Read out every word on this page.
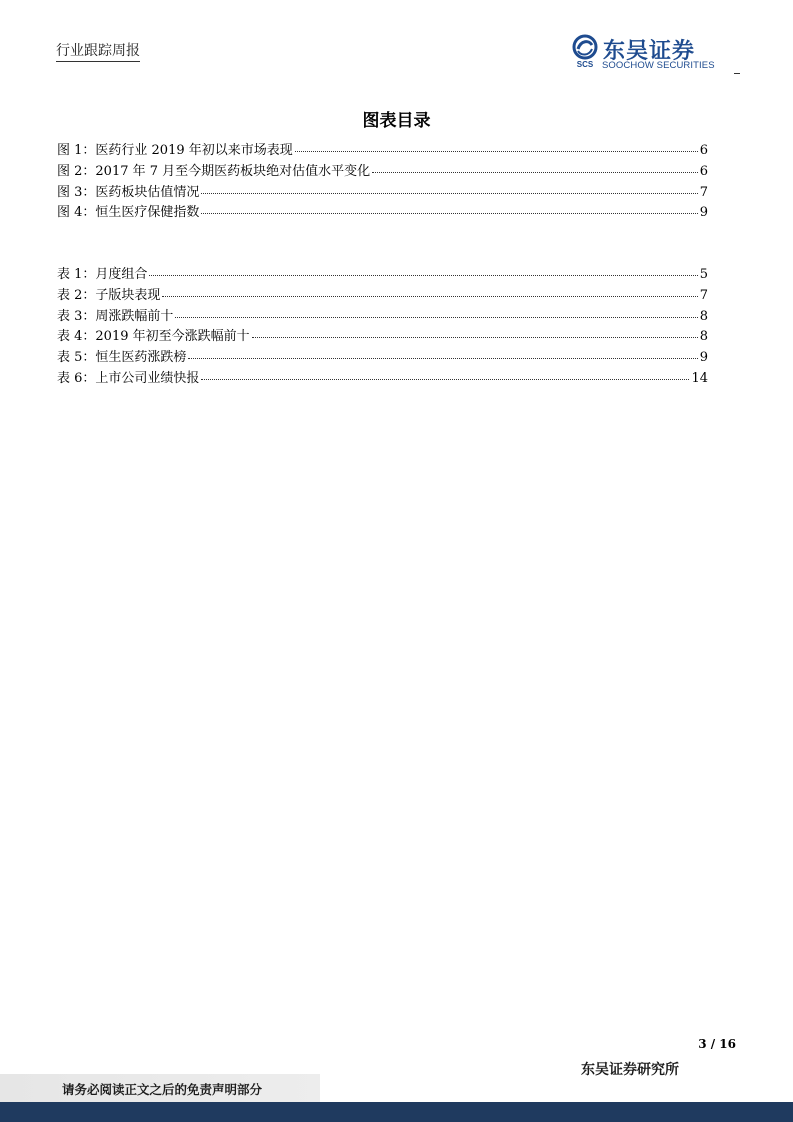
行业跟踪周报
SCS
东吴证券
SOOCHOW SECURITIES
图表目录
图 1：医药行业 2019 年初以来市场表现	6
图 2：2017 年 7 月至今期医药板块绝对估值水平变化	6
图 3：医药板块估值情况	7
图 4：恒生医疗保健指数	9
表 1：月度组合	5
表 2：子版块表现	7
表 3：周涨跌幅前十	8
表 4：2019 年初至今涨跌幅前十	8
表 5：恒生医药涨跌榜	9
表 6：上市公司业绩快报	14
3 / 16
东吴证券研究所
请务必阅读正文之后的免责声明部分
